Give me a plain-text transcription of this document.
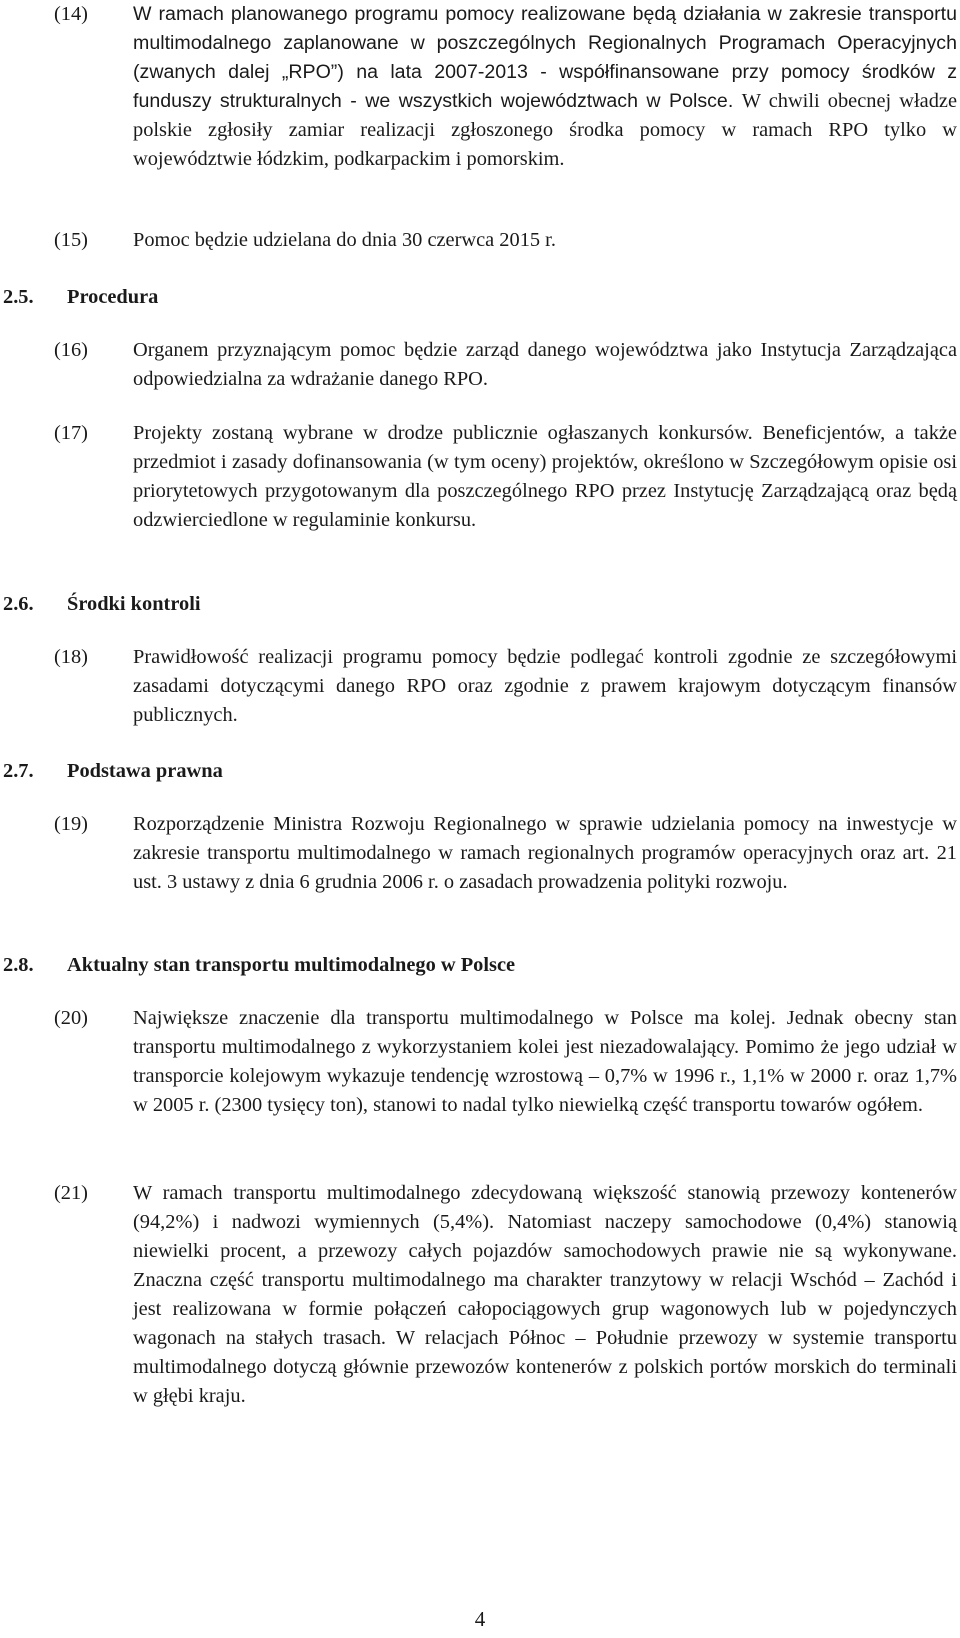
(14) W ramach planowanego programu pomocy realizowane będą działania w zakresie transportu multimodalnego zaplanowane w poszczególnych Regionalnych Programach Operacyjnych (zwanych dalej „RPO”) na lata 2007-2013 - współfinansowane przy pomocy środków z funduszy strukturalnych - we wszystkich województwach w Polsce. W chwili obecnej władze polskie zgłosiły zamiar realizacji zgłoszonego środka pomocy w ramach RPO tylko w województwie łódzkim, podkarpackim i pomorskim.
(15) Pomoc będzie udzielana do dnia 30 czerwca 2015 r.
2.5. Procedura
(16) Organem przyznającym pomoc będzie zarząd danego województwa jako Instytucja Zarządzająca odpowiedzialna za wdrażanie danego RPO.
(17) Projekty zostaną wybrane w drodze publicznie ogłaszanych konkursów. Beneficjentów, a także przedmiot i zasady dofinansowania (w tym oceny) projektów, określono w Szczegółowym opisie osi priorytetowych przygotowanym dla poszczególnego RPO przez Instytucję Zarządzającą oraz będą odzwierciedlone w regulaminie konkursu.
2.6. Środki kontroli
(18) Prawidłowość realizacji programu pomocy będzie podlegać kontroli zgodnie ze szczegółowymi zasadami dotyczącymi danego RPO oraz zgodnie z prawem krajowym dotyczącym finansów publicznych.
2.7. Podstawa prawna
(19) Rozporządzenie Ministra Rozwoju Regionalnego w sprawie udzielania pomocy na inwestycje w zakresie transportu multimodalnego w ramach regionalnych programów operacyjnych oraz art. 21 ust. 3 ustawy z dnia 6 grudnia 2006 r. o zasadach prowadzenia polityki rozwoju.
2.8. Aktualny stan transportu multimodalnego w Polsce
(20) Największe znaczenie dla transportu multimodalnego w Polsce ma kolej. Jednak obecny stan transportu multimodalnego z wykorzystaniem kolei jest niezadowalający. Pomimo że jego udział w transporcie kolejowym wykazuje tendencję wzrostową – 0,7% w 1996 r., 1,1% w 2000 r. oraz 1,7% w 2005 r. (2300 tysięcy ton), stanowi to nadal tylko niewielką część transportu towarów ogółem.
(21) W ramach transportu multimodalnego zdecydowaną większość stanowią przewozy kontenerów (94,2%) i nadwozi wymiennych (5,4%). Natomiast naczepy samochodowe (0,4%) stanowią niewielki procent, a przewozy całych pojazdów samochodowych prawie nie są wykonywane. Znaczna część transportu multimodalnego ma charakter tranzytowy w relacji Wschód – Zachód i jest realizowana w formie połączeń całopociągowych grup wagonowych lub w pojedynczych wagonach na stałych trasach. W relacjach Północ – Południe przewozy w systemie transportu multimodalnego dotyczą głównie przewozów kontenerów z polskich portów morskich do terminali w głębi kraju.
4
